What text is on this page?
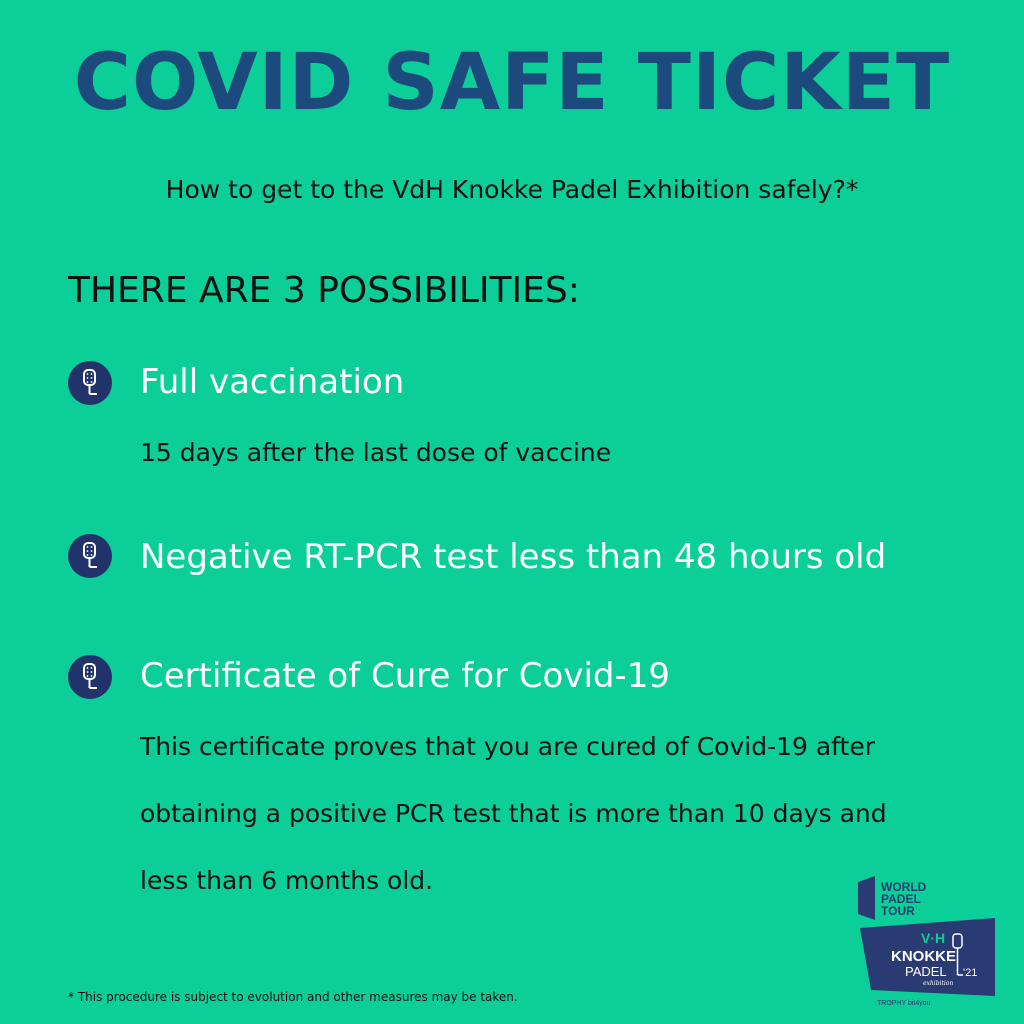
COVID SAFE TICKET
How to get to the VdH Knokke Padel Exhibition safely?*
THERE ARE 3 POSSIBILITIES:
Full vaccination
15 days after the last dose of vaccine
Negative RT-PCR test less than 48 hours old
Certificate of Cure for Covid-19
This certificate proves that you are cured of Covid-19 after obtaining a positive PCR test that is more than 10 days and less than 6 months old.
* This procedure is subject to evolution and other measures may be taken.
WORLD
PADEL
TOUR
V·H
KNOKKE
PADEL
exhibition
'21
TROPHY bit4you
